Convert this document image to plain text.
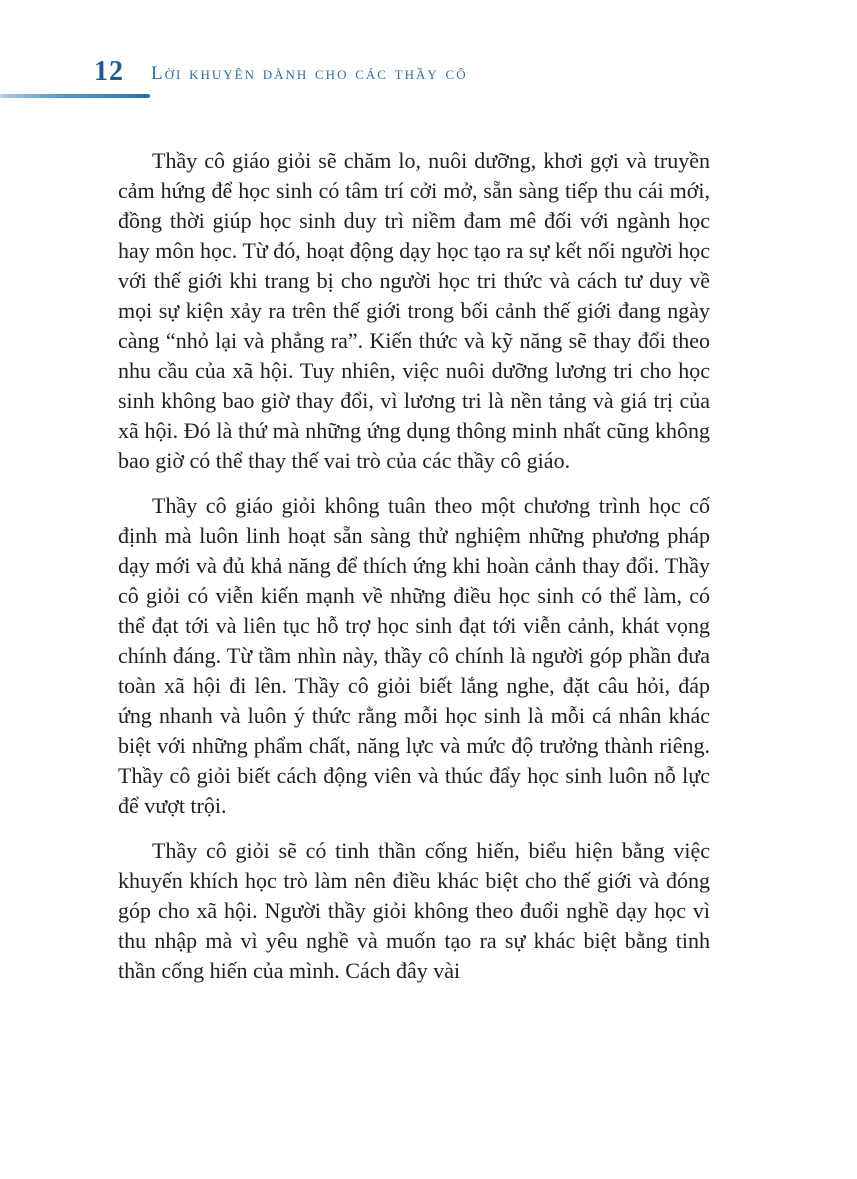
12 Lời khuyên dành cho các thầy cô

Thầy cô giáo giỏi sẽ chăm lo, nuôi dưỡng, khơi gợi và truyền cảm hứng để học sinh có tâm trí cởi mở, sẵn sàng tiếp thu cái mới, đồng thời giúp học sinh duy trì niềm đam mê đối với ngành học hay môn học. Từ đó, hoạt động dạy học tạo ra sự kết nối người học với thế giới khi trang bị cho người học tri thức và cách tư duy về mọi sự kiện xảy ra trên thế giới trong bối cảnh thế giới đang ngày càng “nhỏ lại và phẳng ra”. Kiến thức và kỹ năng sẽ thay đổi theo nhu cầu của xã hội. Tuy nhiên, việc nuôi dưỡng lương tri cho học sinh không bao giờ thay đổi, vì lương tri là nền tảng và giá trị của xã hội. Đó là thứ mà những ứng dụng thông minh nhất cũng không bao giờ có thể thay thế vai trò của các thầy cô giáo.

Thầy cô giáo giỏi không tuân theo một chương trình học cố định mà luôn linh hoạt sẵn sàng thử nghiệm những phương pháp dạy mới và đủ khả năng để thích ứng khi hoàn cảnh thay đổi. Thầy cô giỏi có viễn kiến mạnh về những điều học sinh có thể làm, có thể đạt tới và liên tục hỗ trợ học sinh đạt tới viễn cảnh, khát vọng chính đáng. Từ tầm nhìn này, thầy cô chính là người góp phần đưa toàn xã hội đi lên. Thầy cô giỏi biết lắng nghe, đặt câu hỏi, đáp ứng nhanh và luôn ý thức rằng mỗi học sinh là mỗi cá nhân khác biệt với những phẩm chất, năng lực và mức độ trưởng thành riêng. Thầy cô giỏi biết cách động viên và thúc đẩy học sinh luôn nỗ lực để vượt trội.

Thầy cô giỏi sẽ có tinh thần cống hiến, biểu hiện bằng việc khuyến khích học trò làm nên điều khác biệt cho thế giới và đóng góp cho xã hội. Người thầy giỏi không theo đuổi nghề dạy học vì thu nhập mà vì yêu nghề và muốn tạo ra sự khác biệt bằng tinh thần cống hiến của mình. Cách đây vài
